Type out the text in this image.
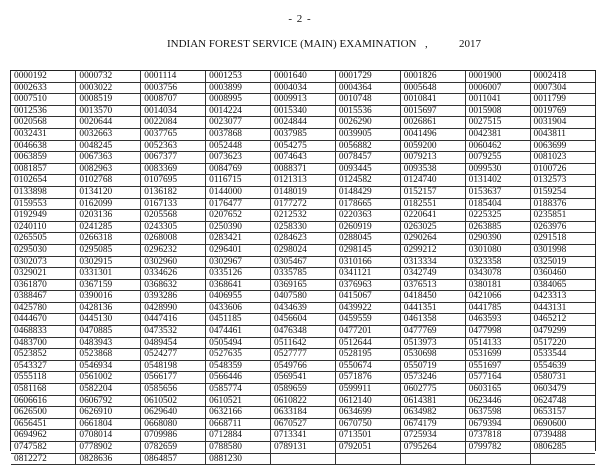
- 2 -
INDIAN FOREST SERVICE (MAIN) EXAMINATION ,	2017
0000192	0000732	0001114	0001253	0001640	0001729	0001826	0001900	0002418
0002633	0003022	0003756	0003899	0004034	0004364	0005648	0006007	0007304
0007510	0008519	0008707	0008995	0009913	0010748	0010841	0011041	0011799
0012536	0013570	0014034	0014224	0015340	0015536	0015697	0015908	0019769
0020568	0020644	0022084	0023077	0024844	0026290	0026861	0027515	0031904
0032431	0032663	0037765	0037868	0037985	0039905	0041496	0042381	0043811
0046638	0048245	0052363	0052448	0054275	0056882	0059200	0060462	0063699
0063859	0067363	0067377	0073623	0074643	0078457	0079213	0079255	0081023
0081857	0082963	0083369	0084769	0088371	0093445	0093538	0099530	0100726
0102654	0102768	0107695	0116715	0121313	0124582	0124740	0131402	0132573
0133898	0134120	0136182	0144000	0148019	0148429	0152157	0153637	0159254
0159553	0162099	0167133	0176477	0177272	0178665	0182551	0185404	0188376
0192949	0203136	0205568	0207652	0212532	0220363	0220641	0225325	0235851
0240110	0241285	0243305	0250390	0258330	0260919	0263025	0263885	0263976
0265505	0266318	0268008	0283421	0284623	0288045	0290264	0290390	0291518
0295030	0295085	0296232	0296401	0298024	0298145	0299212	0301080	0301998
0302073	0302915	0302960	0302967	0305467	0310166	0313334	0323358	0325019
0329021	0331301	0334626	0335126	0335785	0341121	0342749	0343078	0360460
0361870	0367159	0368632	0368641	0369165	0376963	0376513	0380181	0384065
0388467	0390016	0393286	0406955	0407580	0415067	0418450	0421066	0423313
0425780	0428136	0428990	0433606	0434639	0439922	0441351	0441785	0443131
0444670	0445130	0447416	0451185	0456604	0459559	0461358	0463593	0465212
0468833	0470885	0473532	0474461	0476348	0477201	0477769	0477998	0479299
0483700	0483943	0489454	0505494	0511642	0512644	0513973	0514133	0517220
0523852	0523868	0524277	0527635	0527777	0528195	0530698	0531699	0533544
0543327	0546934	0548198	0548359	0549766	0550674	0550719	0551697	0554639
0555118	0561002	0566177	0566446	0569541	0571876	0573246	0577164	0580731
0581168	0582204	0585656	0585774	0589659	0599911	0602775	0603165	0603479
0606616	0606792	0610502	0610521	0610822	0612140	0614381	0623446	0624748
0626500	0626910	0629640	0632166	0633184	0634699	0634982	0637598	0653157
0656451	0661804	0668080	0668711	0670527	0670750	0674179	0679394	0690600
0694962	0708014	0709986	0712884	0713341	0713501	0725934	0737818	0739488
0747582	0778902	0782659	0788580	0789131	0792051	0795264	0799782	0806285
0812272	0828636	0864857	0881230					
